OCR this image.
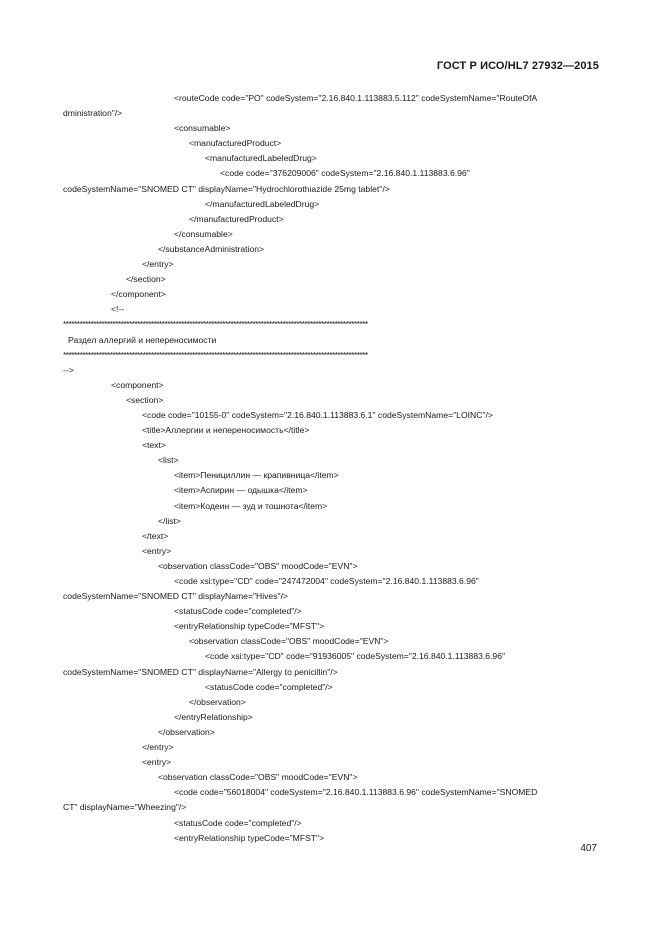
ГОСТ Р ИСО/HL7 27932—2015
<routeCode code="PO" codeSystem="2.16.840.1.113883.5.112" codeSystemName="RouteOfA
dministration"/>
<consumable>
<manufacturedProduct>
<manufacturedLabeledDrug>
<code code="376209006" codeSystem="2.16.840.1.113883.6.96"
codeSystemName="SNOMED CT" displayName="Hydrochlorothiazide 25mg tablet"/>
</manufacturedLabeledDrug>
</manufacturedProduct>
</consumable>
</substanceAdministration>
</entry>
</section>
</component>
<!--
***************************************************************************************************************
Раздел аллергий и непереносимости
***************************************************************************************************************
-->
<component>
<section>
<code code="10155-0" codeSystem="2.16.840.1.113883.6.1" codeSystemName="LOINC"/>
<title>Аллергии и непереносимость</title>
<text>
<list>
<item>Пенициллин — крапивница</item>
<item>Аспирин — одышка</item>
<item>Кодеин — зуд и тошнота</item>
</list>
</text>
<entry>
<observation classCode="OBS" moodCode="EVN">
<code xsi:type="CD" code="247472004" codeSystem="2.16.840.1.113883.6.96"
codeSystemName="SNOMED CT" displayName="Hives"/>
<statusCode code="completed"/>
<entryRelationship typeCode="MFST">
<observation classCode="OBS" moodCode="EVN">
<code xsi:type="CD" code="91936005" codeSystem="2.16.840.1.113883.6.96"
codeSystemName="SNOMED CT" displayName="Allergy to penicillin"/>
<statusCode code="completed"/>
</observation>
</entryRelationship>
</observation>
</entry>
<entry>
<observation classCode="OBS" moodCode="EVN">
<code code="56018004" codeSystem="2.16.840.1.113883.6.96" codeSystemName="SNOMED
CT" displayName="Wheezing"/>
<statusCode code="completed"/>
<entryRelationship typeCode="MFST">
407
